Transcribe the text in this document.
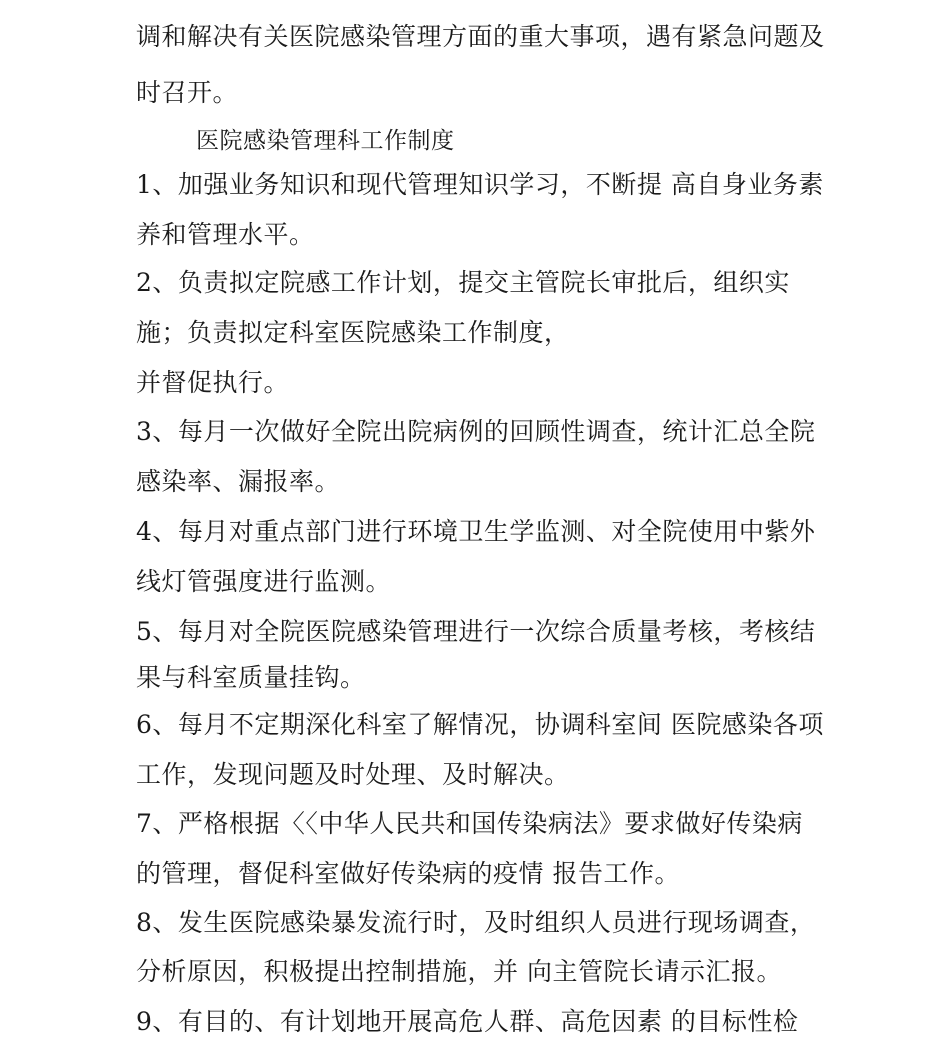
调和解决有关医院感染管理方面的重大事项，遇有紧急问题及
时召开。
医院感染管理科工作制度
1、加强业务知识和现代管理知识学习，不断提 高自身业务素
养和管理水平。
2、负责拟定院感工作计划，提交主管院长审批后，组织实
施；负责拟定科室医院感染工作制度，
并督促执行。
3、每月一次做好全院出院病例的回顾性调查，统计汇总全院
感染率、漏报率。
4、每月对重点部门进行环境卫生学监测、对全院使用中紫外
线灯管强度进行监测。
5、每月对全院医院感染管理进行一次综合质量考核，考核结
果与科室质量挂钩。
6、每月不定期深化科室了解情况，协调科室间 医院感染各项
工作，发现问题及时处理、及时解决。
7、严格根据〈〈中华人民共和国传染病法》要求做好传染病
的管理，督促科室做好传染病的疫情 报告工作。
8、发生医院感染暴发流行时，及时组织人员进行现场调查，
分析原因，积极提出控制措施，并 向主管院长请示汇报。
9、有目的、有计划地开展高危人群、高危因素 的目标性检
